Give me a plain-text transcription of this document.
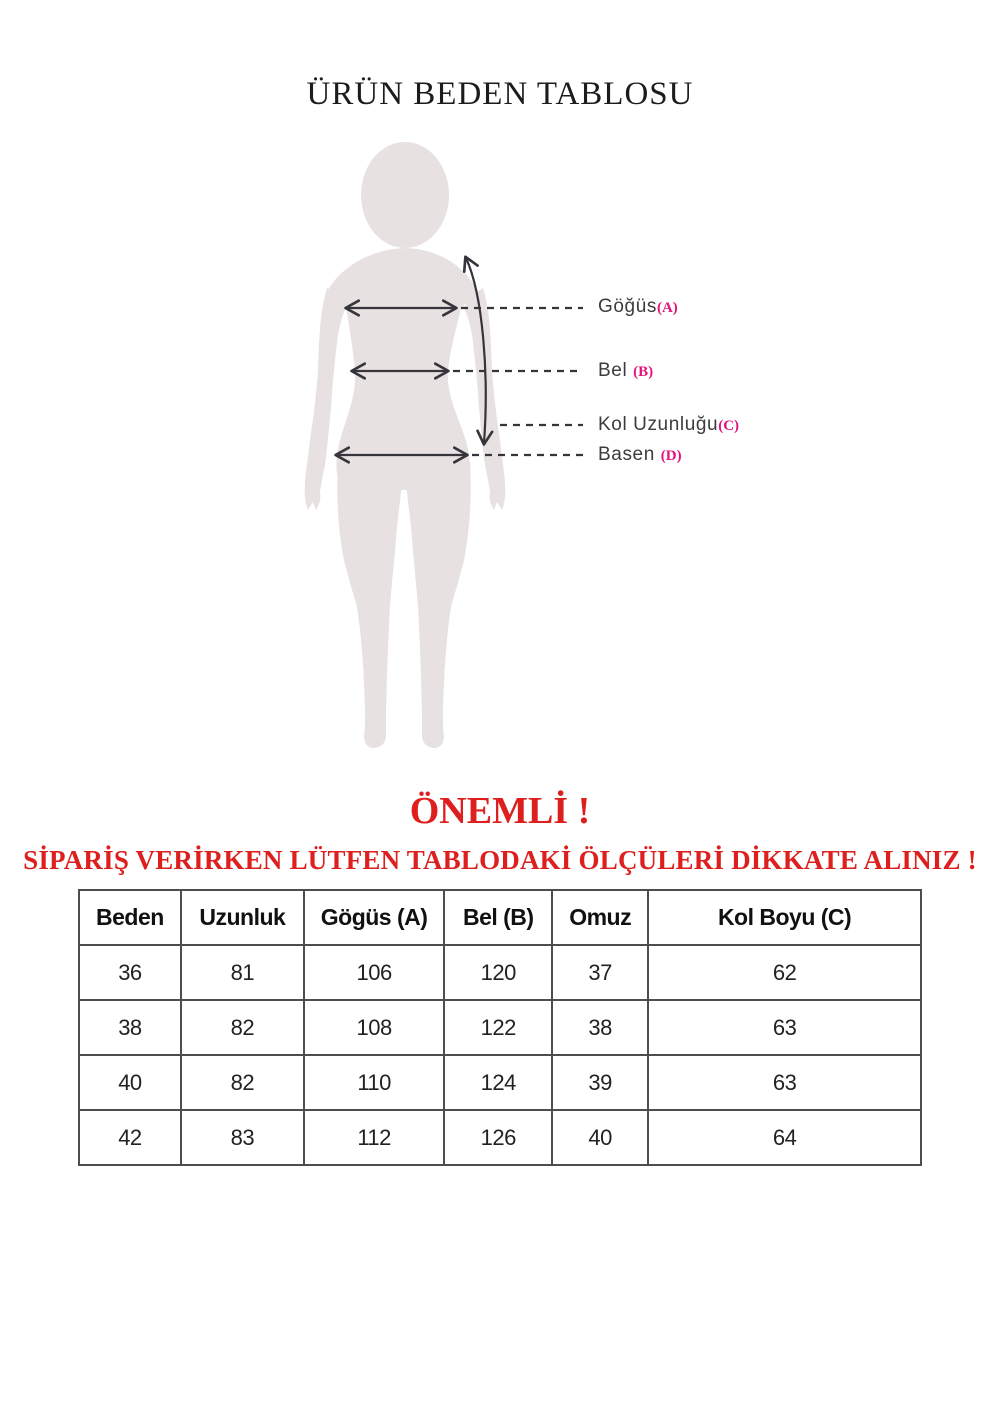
ÜRÜN BEDEN TABLOSU
Göğüs(A)
Bel (B)
Kol Uzunluğu(C)
Basen (D)
ÖNEMLİ !
SİPARİŞ VERİRKEN LÜTFEN TABLODAKİ ÖLÇÜLERİ DİKKATE ALINIZ !
Beden	Uzunluk	Gögüs (A)	Bel (B)	Omuz	Kol Boyu (C)
36	81	106	120	37	62
38	82	108	122	38	63
40	82	110	124	39	63
42	83	112	126	40	64
